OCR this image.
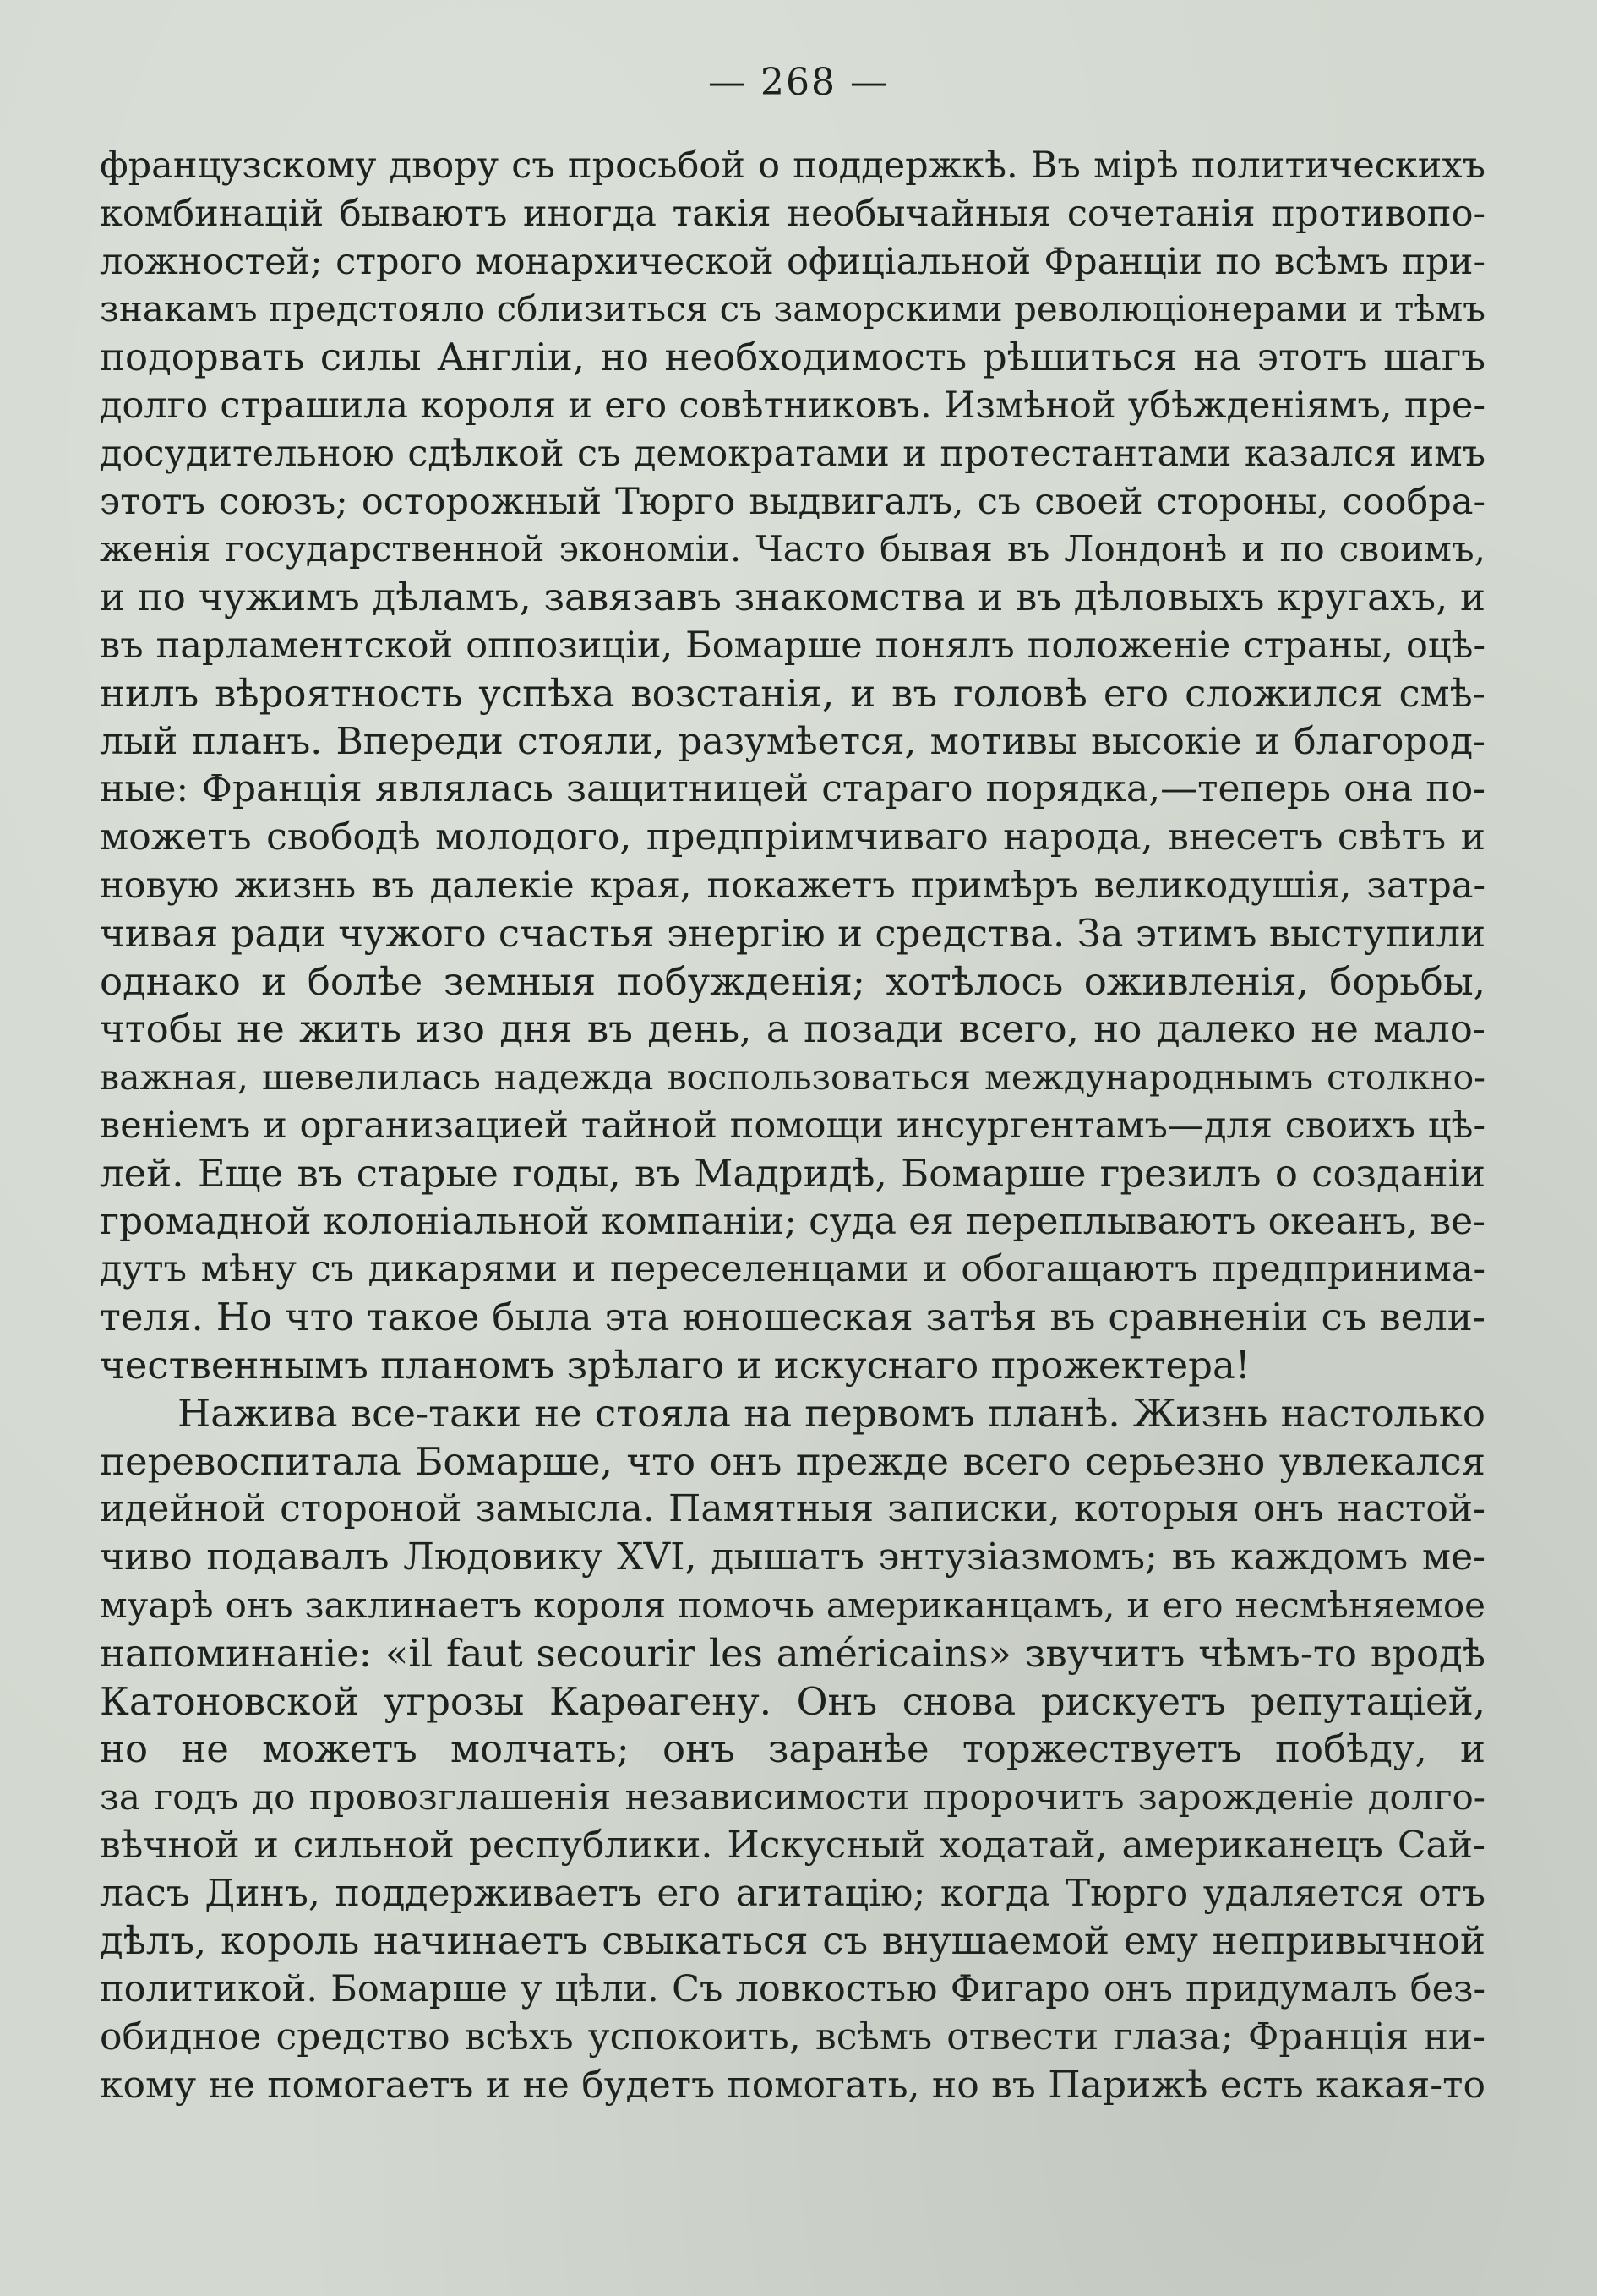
— 268 —
французскому двору съ просьбой о поддержкѣ. Въ мірѣ политическихъ
комбинацій бываютъ иногда такія необычайныя сочетанія противопо-
ложностей; строго монархической офиціальной Франціи по всѣмъ при-
знакамъ предстояло сблизиться съ заморскими революціонерами и тѣмъ
подорвать силы Англіи, но необходимость рѣшиться на этотъ шагъ
долго страшила короля и его совѣтниковъ. Измѣной убѣжденіямъ, пре-
досудительною сдѣлкой съ демократами и протестантами казался имъ
этотъ союзъ; осторожный Тюрго выдвигалъ, съ своей стороны, сообра-
женія государственной экономіи. Часто бывая въ Лондонѣ и по своимъ,
и по чужимъ дѣламъ, завязавъ знакомства и въ дѣловыхъ кругахъ, и
въ парламентской оппозиціи, Бомарше понялъ положеніе страны, оцѣ-
нилъ вѣроятность успѣха возстанія, и въ головѣ его сложился смѣ-
лый планъ. Впереди стояли, разумѣется, мотивы высокіе и благород-
ные: Франція являлась защитницей стараго порядка,—теперь она по-
можетъ свободѣ молодого, предпріимчиваго народа, внесетъ свѣтъ и
новую жизнь въ далекіе края, покажетъ примѣръ великодушія, затра-
чивая ради чужого счастья энергію и средства. За этимъ выступили
однако и болѣе земныя побужденія; хотѣлось оживленія, борьбы,
чтобы не жить изо дня въ день, а позади всего, но далеко не мало-
важная, шевелилась надежда воспользоваться международнымъ столкно-
веніемъ и организацией тайной помощи инсургентамъ—для своихъ цѣ-
лей. Еще въ старые годы, въ Мадридѣ, Бомарше грезилъ о созданіи
громадной колоніальной компаніи; суда ея переплываютъ океанъ, ве-
дутъ мѣну съ дикарями и переселенцами и обогащаютъ предпринима-
теля. Но что такое была эта юношеская затѣя въ сравненіи съ вели-
чественнымъ планомъ зрѣлаго и искуснаго прожектера!
Нажива все-таки не стояла на первомъ планѣ. Жизнь настолько
перевоспитала Бомарше, что онъ прежде всего серьезно увлекался
идейной стороной замысла. Памятныя записки, которыя онъ настой-
чиво подавалъ Людовику XVI, дышатъ энтузіазмомъ; въ каждомъ ме-
муарѣ онъ заклинаетъ короля помочь американцамъ, и его несмѣняемое
напоминаніе: «il faut secourir les américains» звучитъ чѣмъ-то вродѣ
Катоновской угрозы Карѳагену. Онъ снова рискуетъ репутаціей,
но не можетъ молчать; онъ заранѣе торжествуетъ побѣду, и
за годъ до провозглашенія независимости пророчитъ зарожденіе долго-
вѣчной и сильной республики. Искусный ходатай, американецъ Сай-
ласъ Динъ, поддерживаетъ его агитацію; когда Тюрго удаляется отъ
дѣлъ, король начинаетъ свыкаться съ внушаемой ему непривычной
политикой. Бомарше у цѣли. Съ ловкостью Фигаро онъ придумалъ без-
обидное средство всѣхъ успокоить, всѣмъ отвести глаза; Франція ни-
кому не помогаетъ и не будетъ помогать, но въ Парижѣ есть какая-то
